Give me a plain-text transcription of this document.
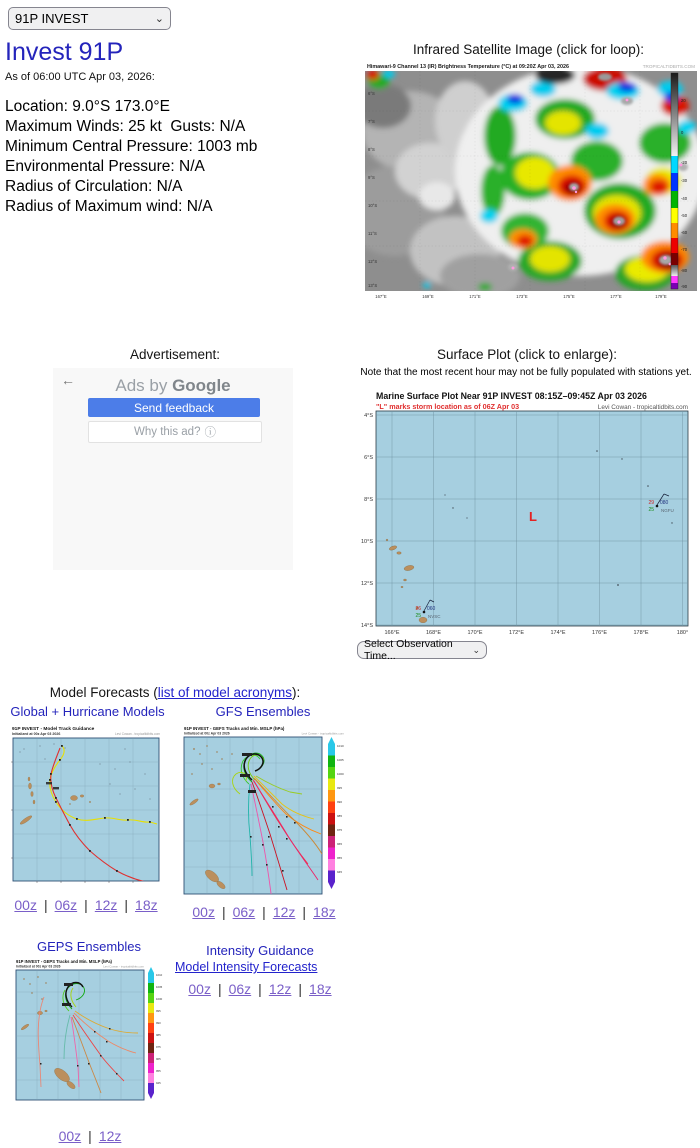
91P INVEST	⌄
Invest 91P

As of 06:00 UTC Apr 03, 2026:

Location: 9.0°S 173.0°E
Maximum Winds: 25 kt  Gusts: N/A
Minimum Central Pressure: 1003 mb
Environmental Pressure: N/A
Radius of Circulation: N/A
Radius of Maximum wind: N/A
Infrared Satellite Image (click for loop):
20
0
-20
-30
-40
-50
-60
-70
-80
-90
Himawari-9 Channel 13 (IR) Brightness Temperature (°C) at 09:20Z Apr 03, 2026	TROPICALTIDBITS.COM
6°S
7°S
8°S
9°S
10°S
11°S
12°S
13°S
167°E	169°E	171°E	173°E	175°E	177°E	179°E
Advertisement:
←	Ads by Google
Send feedback
Why this ad? ⓘ
Surface Plot (click to enlarge):
Note that the most recent hour may not be fully populated with stations yet.
Marine Surface Plot Near 91P INVEST 08:15Z–09:45Z Apr 03 2026
"L" marks storm location as of 06Z Apr 03	Levi Cowan - tropicaltidbits.com
4°S
6°S
8°S
10°S
12°S
14°S
166°E	168°E	170°E	172°E	174°E	176°E	178°E	180°
L
29 080
25 NGFU
26 060
25 NVSC
Select Observation Time...
⌄
Model Forecasts (list of model acronyms):
Global + Hurricane Models	GFS Ensembles
91P INVEST - Model Track Guidance
Initialized at 00z Apr 03 2026	Levi Cowan - tropicaltidbits.com
91P INVEST - GEFS Tracks and Min. MSLP (hPa)
Initialized at 00z Apr 03 2026	Levi Cowan - tropicaltidbits.com
1010
1005
1000
995
990
985
975
965
955
945
00z | 06z | 12z | 18z	00z | 06z | 12z | 18z
GEPS Ensembles
91P INVEST - GEPS Tracks and Min. MSLP (hPa)
Initialized at 00z Apr 03 2026	Levi Cowan - tropicaltidbits.com
1010
1005
1000
995
990
985
975
965
955
945
00z | 12z
Intensity Guidance
Model Intensity Forecasts
00z | 06z | 12z | 18z
